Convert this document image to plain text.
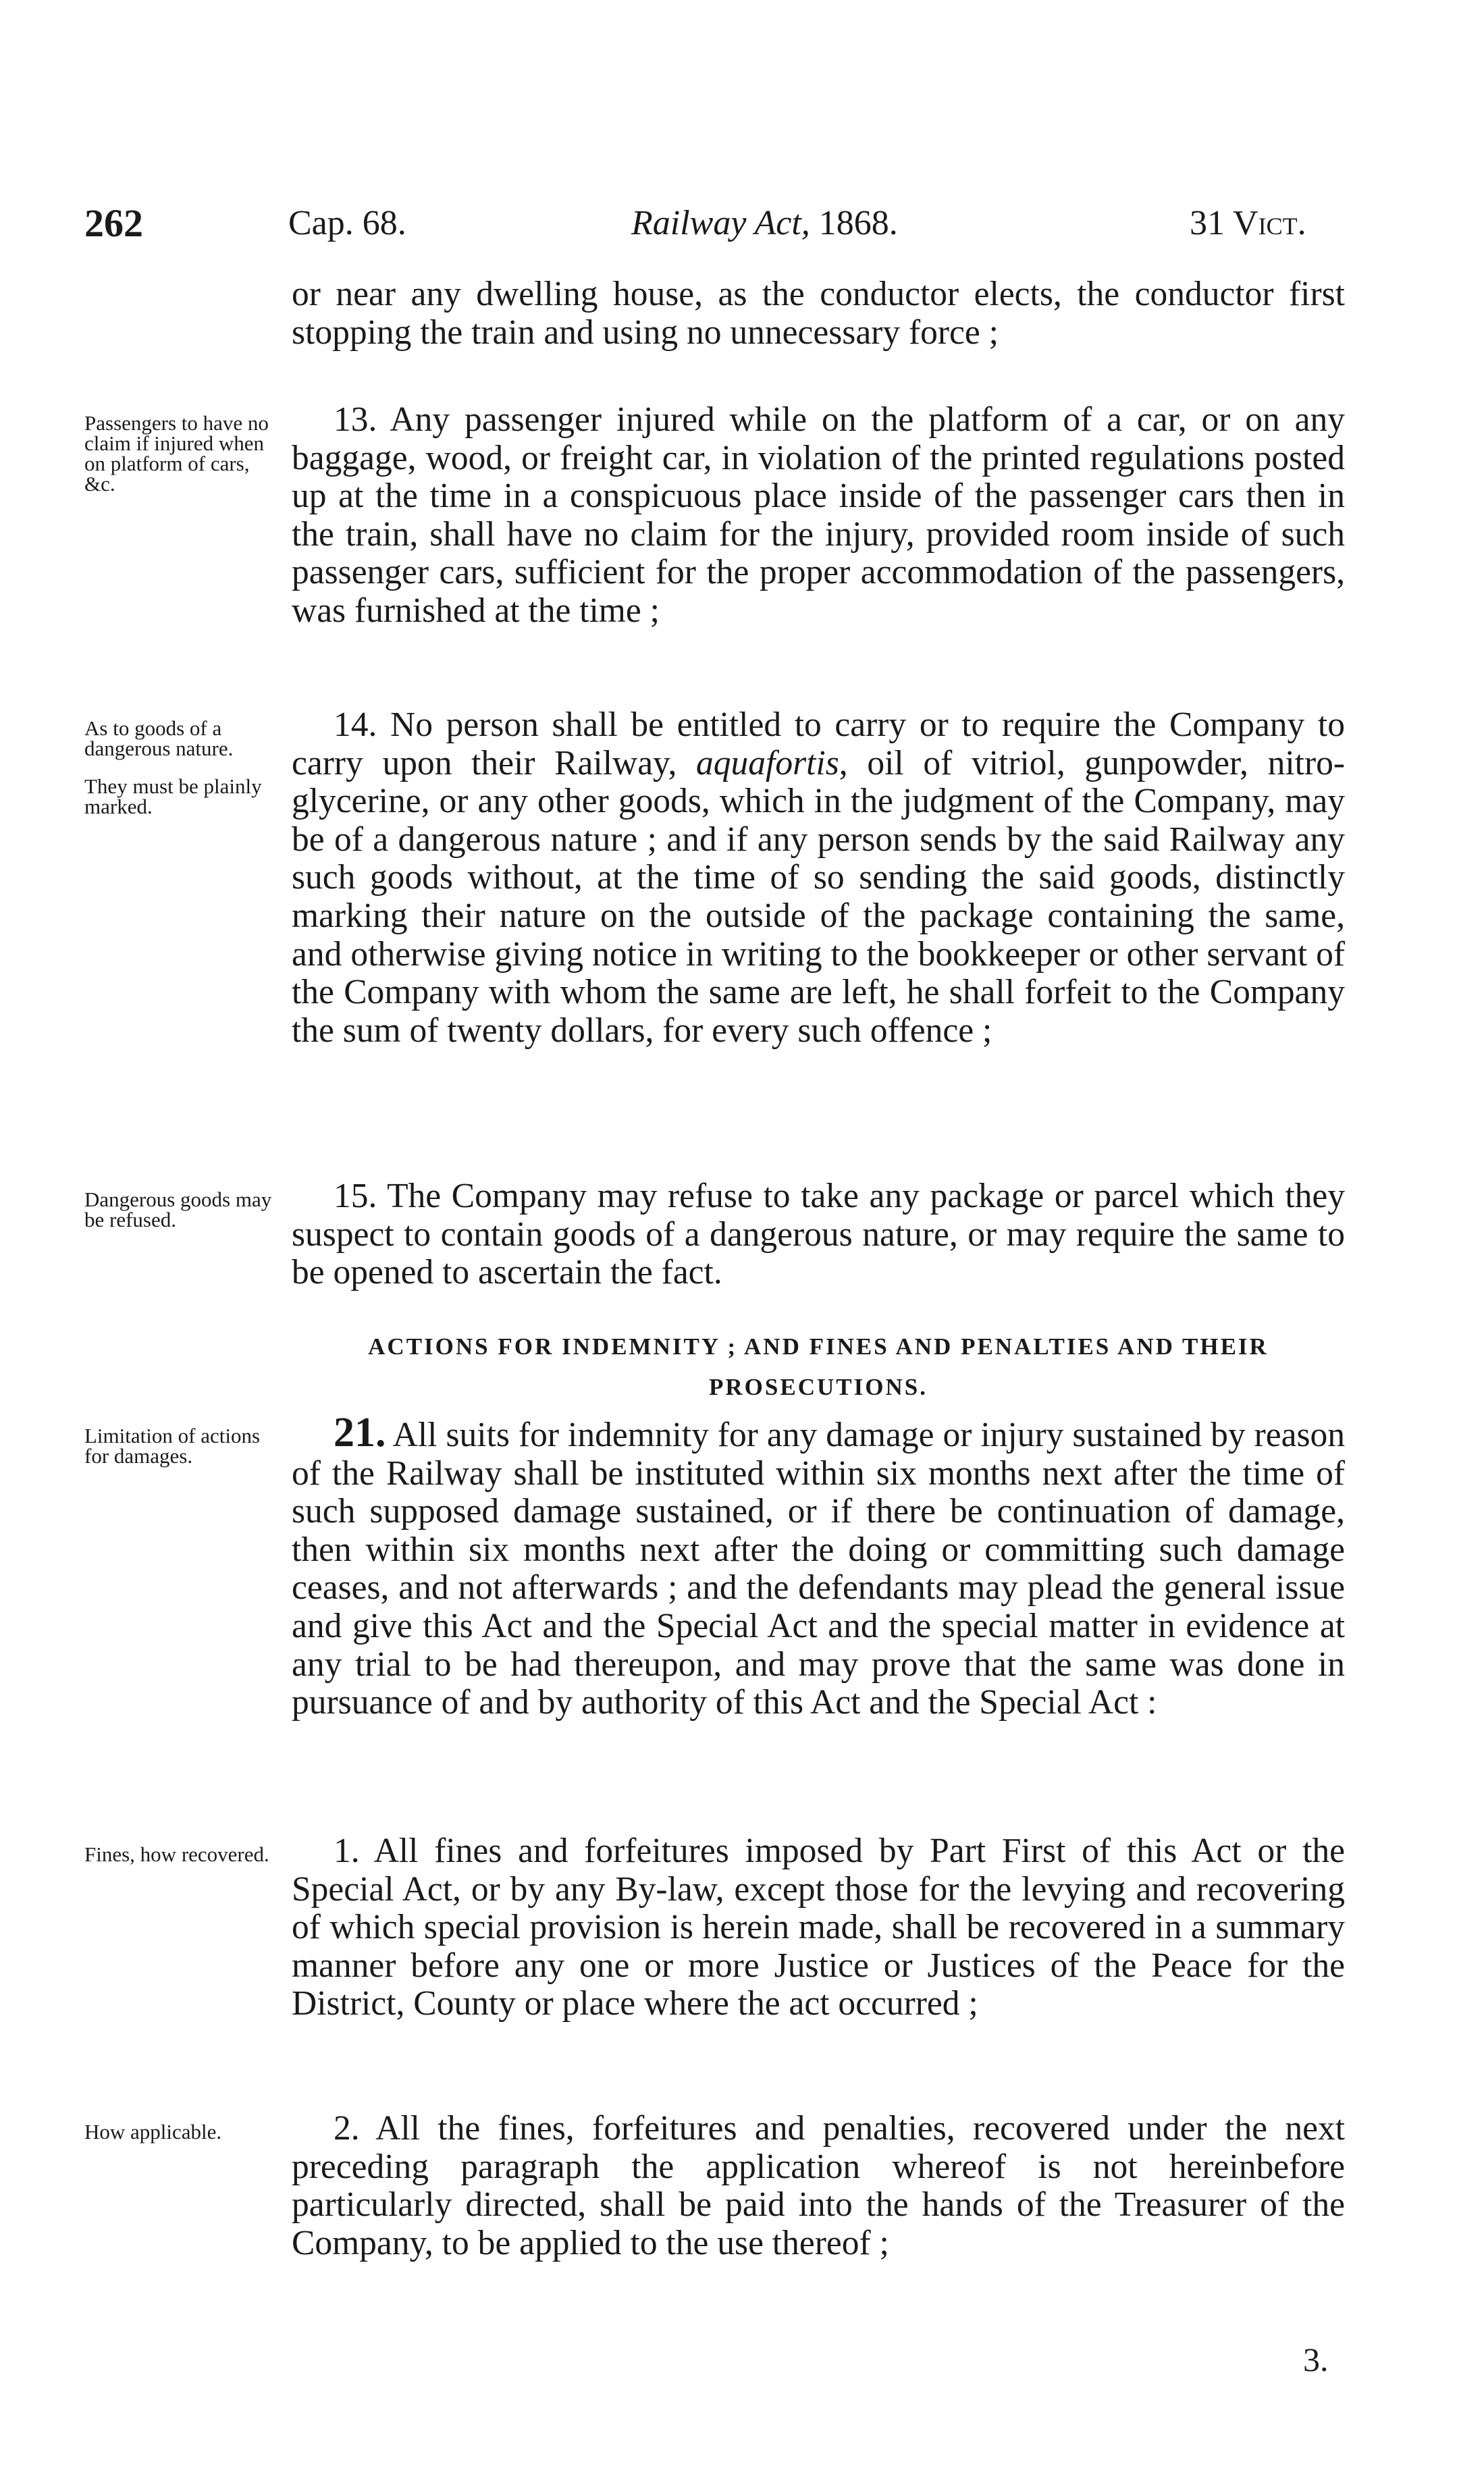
262	Cap. 68.	Railway Act, 1868.	31 Vict.

or near any dwelling house, as the conductor elects, the conductor first stopping the train and using no unnecessary force ;

Passengers to have no claim if injured when on platform of cars, &c.

13. Any passenger injured while on the platform of a car, or on any baggage, wood, or freight car, in violation of the printed regulations posted up at the time in a conspicuous place inside of the passenger cars then in the train, shall have no claim for the injury, provided room inside of such passenger cars, sufficient for the proper accommodation of the passengers, was furnished at the time ;

As to goods of a dangerous nature.
They must be plainly marked.

14. No person shall be entitled to carry or to require the Company to carry upon their Railway, aquafortis, oil of vitriol, gunpowder, nitro-glycerine, or any other goods, which in the judgment of the Company, may be of a dangerous nature ; and if any person sends by the said Railway any such goods without, at the time of so sending the said goods, distinctly marking their nature on the outside of the package containing the same, and otherwise giving notice in writing to the bookkeeper or other servant of the Company with whom the same are left, he shall forfeit to the Company the sum of twenty dollars, for every such offence ;

Dangerous goods may be refused.

15. The Company may refuse to take any package or parcel which they suspect to contain goods of a dangerous nature, or may require the same to be opened to ascertain the fact.

ACTIONS FOR INDEMNITY ; AND FINES AND PENALTIES AND THEIR PROSECUTIONS.
Limitation of actions for damages.

21. All suits for indemnity for any damage or injury sustained by reason of the Railway shall be instituted within six months next after the time of such supposed damage sustained, or if there be continuation of damage, then within six months next after the doing or committing such damage ceases, and not afterwards ; and the defendants may plead the general issue and give this Act and the Special Act and the special matter in evidence at any trial to be had thereupon, and may prove that the same was done in pursuance of and by authority of this Act and the Special Act :

Fines, how recovered.	1. All fines and forfeitures imposed by Part First of this Act or the Special Act, or by any By-law, except those for the levying and recovering of which special provision is herein made, shall be recovered in a summary manner before any one or more Justice or Justices of the Peace for the District, County or place where the act occurred ;

How applicable.	2. All the fines, forfeitures and penalties, recovered under the next preceding paragraph the application whereof is not hereinbefore particularly directed, shall be paid into the hands of the Treasurer of the Company, to be applied to the use thereof ;

3.
